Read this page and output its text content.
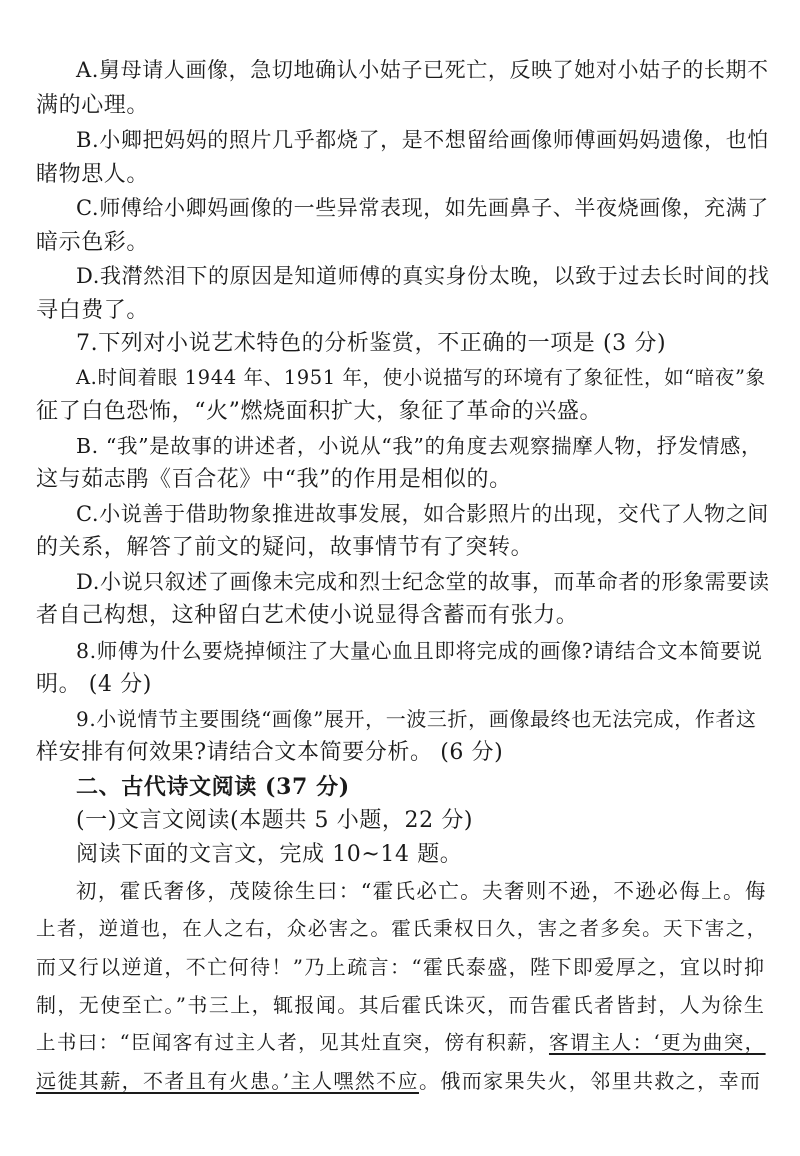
A.舅母请人画像，急切地确认小姑子已死亡，反映了她对小姑子的长期不
满的心理。
B.小卿把妈妈的照片几乎都烧了，是不想留给画像师傅画妈妈遗像，也怕
睹物思人。
C.师傅给小卿妈画像的一些异常表现，如先画鼻子、半夜烧画像，充满了
暗示色彩。
D.我潸然泪下的原因是知道师傅的真实身份太晚，以致于过去长时间的找
寻白费了。
7.下列对小说艺术特色的分析鉴赏，不正确的一项是 (3 分)
A.时间着眼 1944 年、1951 年，使小说描写的环境有了象征性，如“暗夜”象
征了白色恐怖，“火”燃烧面积扩大，象征了革命的兴盛。
B. “我”是故事的讲述者，小说从“我”的角度去观察揣摩人物，抒发情感，
这与茹志鹃《百合花》中“我”的作用是相似的。
C.小说善于借助物象推进故事发展，如合影照片的出现，交代了人物之间
的关系，解答了前文的疑问，故事情节有了突转。
D.小说只叙述了画像未完成和烈士纪念堂的故事，而革命者的形象需要读
者自己构想，这种留白艺术使小说显得含蓄而有张力。
8.师傅为什么要烧掉倾注了大量心血且即将完成的画像?请结合文本简要说
明。 (4 分)
9.小说情节主要围绕“画像”展开，一波三折，画像最终也无法完成，作者这
样安排有何效果?请结合文本简要分析。 (6 分)
二、古代诗文阅读 (37 分)
(一)文言文阅读(本题共 5 小题，22 分)
阅读下面的文言文，完成 10~14 题。
初，霍氏奢侈，茂陵徐生曰：“霍氏必亡。夫奢则不逊，不逊必侮上。侮
上者，逆道也，在人之右，众必害之。霍氏秉权日久，害之者多矣。天下害之，
而又行以逆道，不亡何待！”乃上疏言：“霍氏泰盛，陛下即爱厚之，宜以时抑
制，无使至亡。”书三上，辄报闻。其后霍氏诛灭，而告霍氏者皆封，人为徐生
上书曰：“臣闻客有过主人者，见其灶直突，傍有积薪，客谓主人：‘更为曲突，
远徙其薪，不者且有火患。’主人嘿然不应。俄而家果失火，邻里共救之，幸而
